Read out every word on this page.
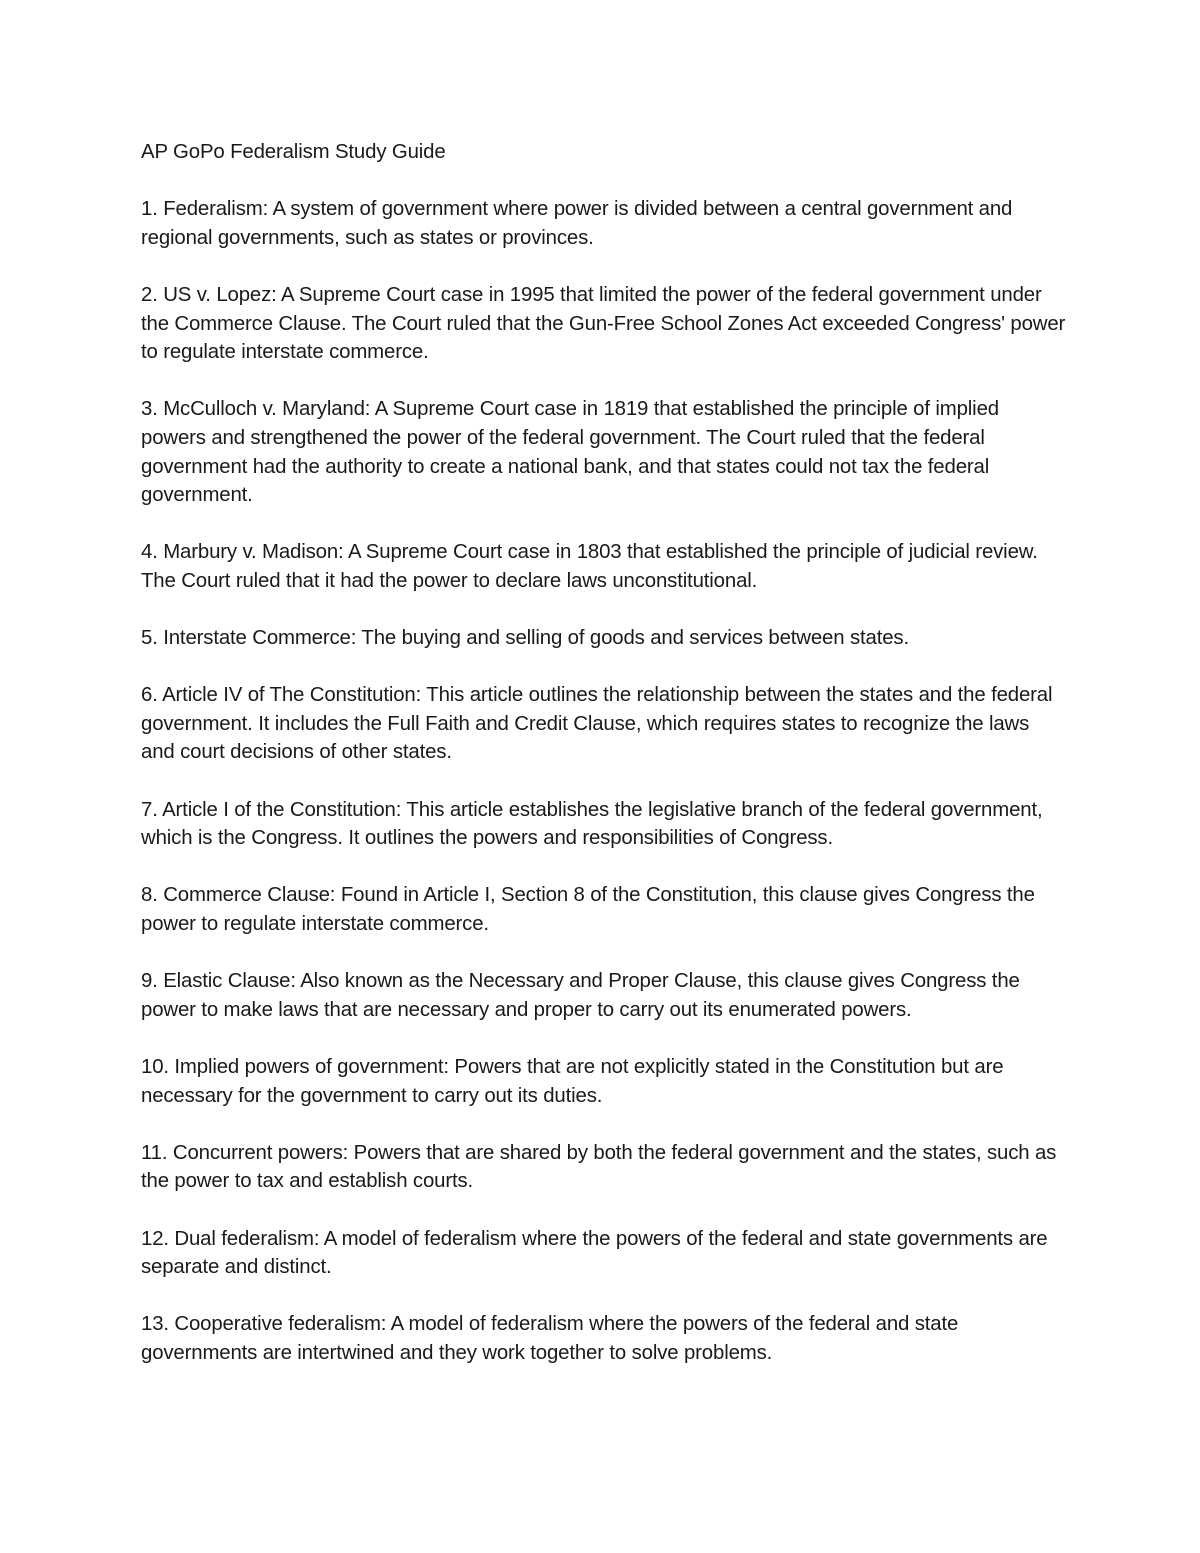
AP GoPo Federalism Study Guide

1. Federalism: A system of government where power is divided between a central government and regional governments, such as states or provinces.

2. US v. Lopez: A Supreme Court case in 1995 that limited the power of the federal government under the Commerce Clause. The Court ruled that the Gun-Free School Zones Act exceeded Congress' power to regulate interstate commerce.

3. McCulloch v. Maryland: A Supreme Court case in 1819 that established the principle of implied powers and strengthened the power of the federal government. The Court ruled that the federal government had the authority to create a national bank, and that states could not tax the federal government.

4. Marbury v. Madison: A Supreme Court case in 1803 that established the principle of judicial review. The Court ruled that it had the power to declare laws unconstitutional.

5. Interstate Commerce: The buying and selling of goods and services between states.

6. Article IV of The Constitution: This article outlines the relationship between the states and the federal government. It includes the Full Faith and Credit Clause, which requires states to recognize the laws and court decisions of other states.

7. Article I of the Constitution: This article establishes the legislative branch of the federal government, which is the Congress. It outlines the powers and responsibilities of Congress.

8. Commerce Clause: Found in Article I, Section 8 of the Constitution, this clause gives Congress the power to regulate interstate commerce.

9. Elastic Clause: Also known as the Necessary and Proper Clause, this clause gives Congress the power to make laws that are necessary and proper to carry out its enumerated powers.

10. Implied powers of government: Powers that are not explicitly stated in the Constitution but are necessary for the government to carry out its duties.

11. Concurrent powers: Powers that are shared by both the federal government and the states, such as the power to tax and establish courts.

12. Dual federalism: A model of federalism where the powers of the federal and state governments are separate and distinct.

13. Cooperative federalism: A model of federalism where the powers of the federal and state governments are intertwined and they work together to solve problems.
